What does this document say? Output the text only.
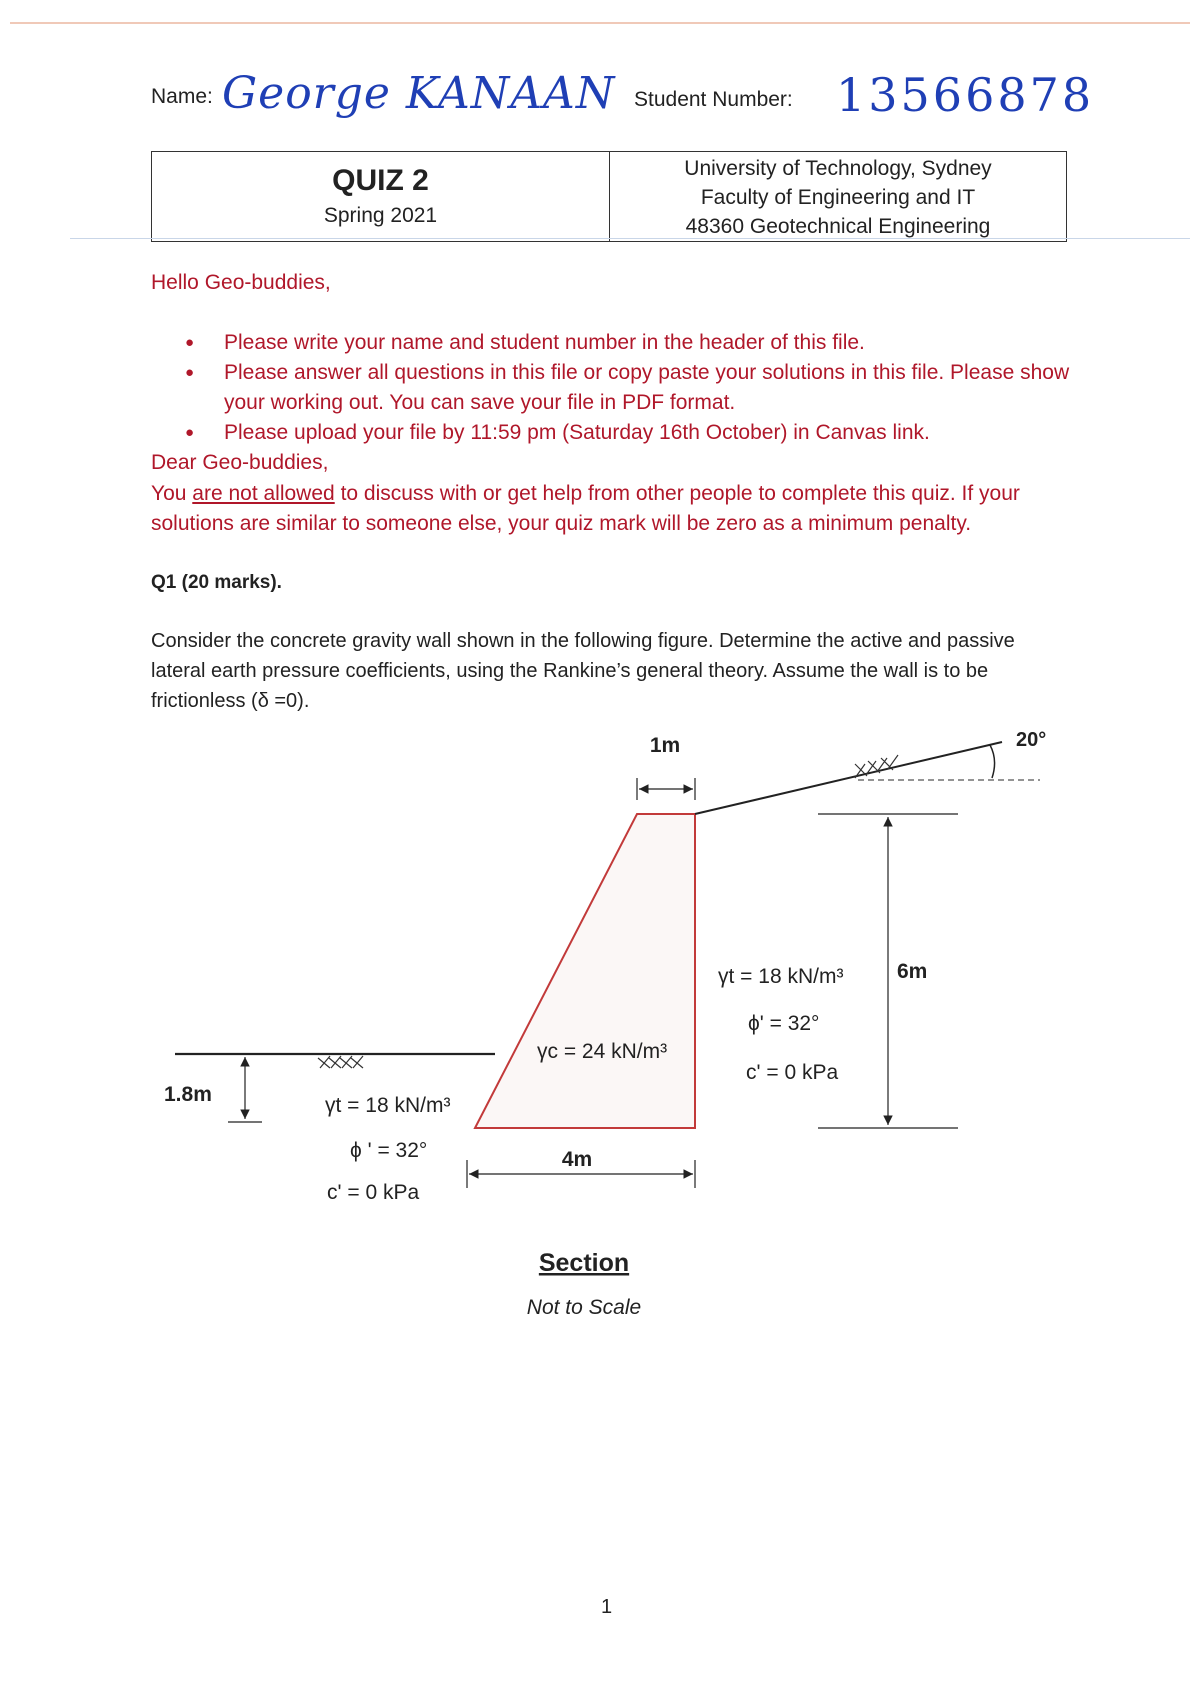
Name: George KANAAN Student Number: 13566878
QUIZ 2
Spring 2021
University of Technology, Sydney
Faculty of Engineering and IT
48360 Geotechnical Engineering
Hello Geo-buddies,
● Please write your name and student number in the header of this file.
● Please answer all questions in this file or copy paste your solutions in this file. Please show your working out. You can save your file in PDF format.
● Please upload your file by 11:59 pm (Saturday 16th October) in Canvas link.
Dear Geo-buddies,
You are not allowed to discuss with or get help from other people to complete this quiz. If your solutions are similar to someone else, your quiz mark will be zero as a minimum penalty.
Q1 (20 marks).
Consider the concrete gravity wall shown in the following figure. Determine the active and passive lateral earth pressure coefficients, using the Rankine’s general theory. Assume the wall is to be frictionless (δ =0).
1m	20°
6m
1.8m
4m
γc = 24 kN/m³
γt = 18 kN/m³
ϕ' = 32°
c' = 0 kPa
γt = 18 kN/m³
ϕ ' = 32°
c' = 0 kPa
Section
Not to Scale
1
